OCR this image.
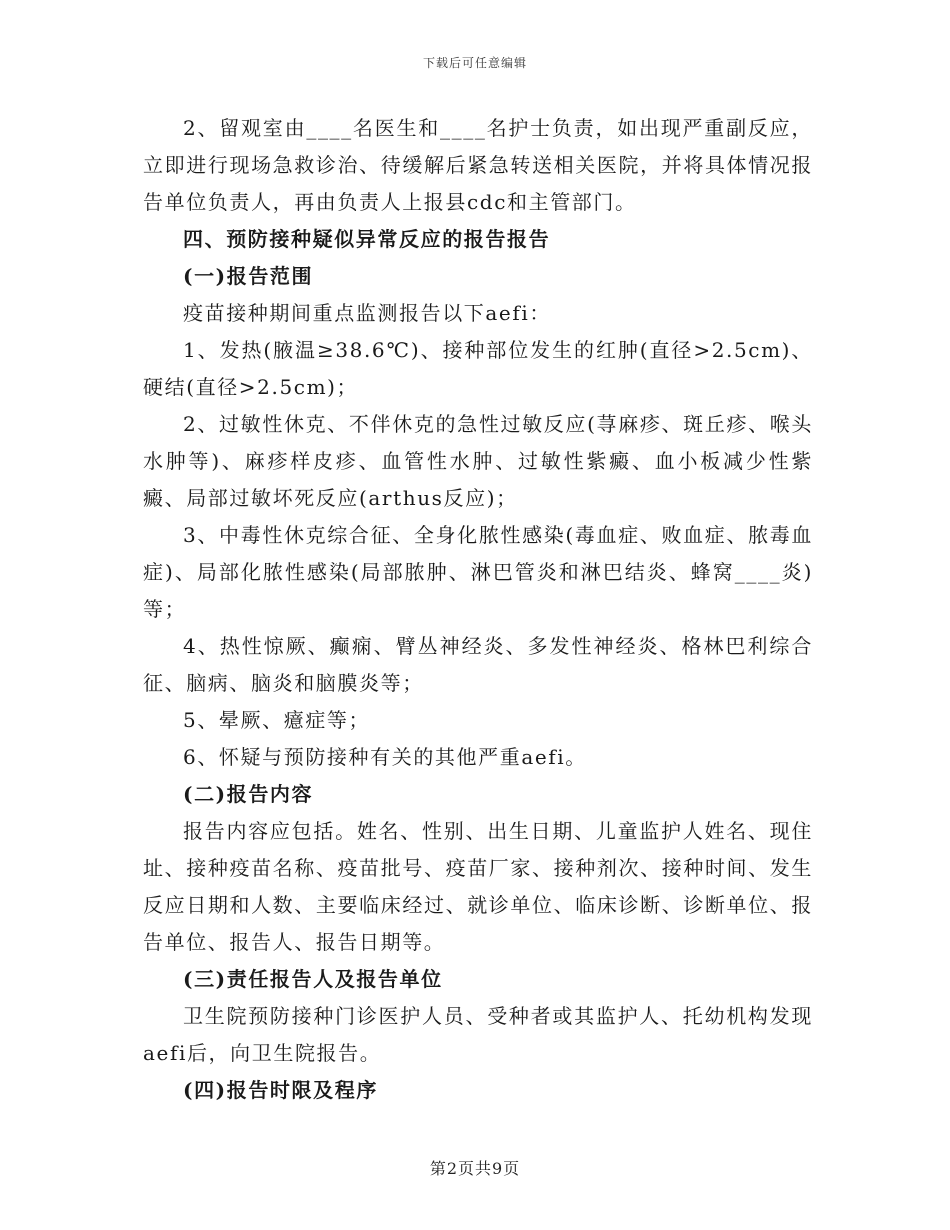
下载后可任意编辑

2、留观室由____名医生和____名护士负责，如出现严重副反应，立即进行现场急救诊治、待缓解后紧急转送相关医院，并将具体情况报告单位负责人，再由负责人上报县cdc和主管部门。

四、预防接种疑似异常反应的报告报告

(一)报告范围

疫苗接种期间重点监测报告以下aefi：

1、发热(腋温≥38.6℃)、接种部位发生的红肿(直径>2.5cm)、硬结(直径>2.5cm)；

2、过敏性休克、不伴休克的急性过敏反应(荨麻疹、斑丘疹、喉头水肿等)、麻疹样皮疹、血管性水肿、过敏性紫癜、血小板减少性紫癜、局部过敏坏死反应(arthus反应)；

3、中毒性休克综合征、全身化脓性感染(毒血症、败血症、脓毒血症)、局部化脓性感染(局部脓肿、淋巴管炎和淋巴结炎、蜂窝____炎)等；

4、热性惊厥、癫痫、臂丛神经炎、多发性神经炎、格林巴利综合征、脑病、脑炎和脑膜炎等；

5、晕厥、癔症等；

6、怀疑与预防接种有关的其他严重aefi。

(二)报告内容

报告内容应包括。姓名、性别、出生日期、儿童监护人姓名、现住址、接种疫苗名称、疫苗批号、疫苗厂家、接种剂次、接种时间、发生反应日期和人数、主要临床经过、就诊单位、临床诊断、诊断单位、报告单位、报告人、报告日期等。

(三)责任报告人及报告单位

卫生院预防接种门诊医护人员、受种者或其监护人、托幼机构发现aefi后，向卫生院报告。

(四)报告时限及程序

第2页共9页
